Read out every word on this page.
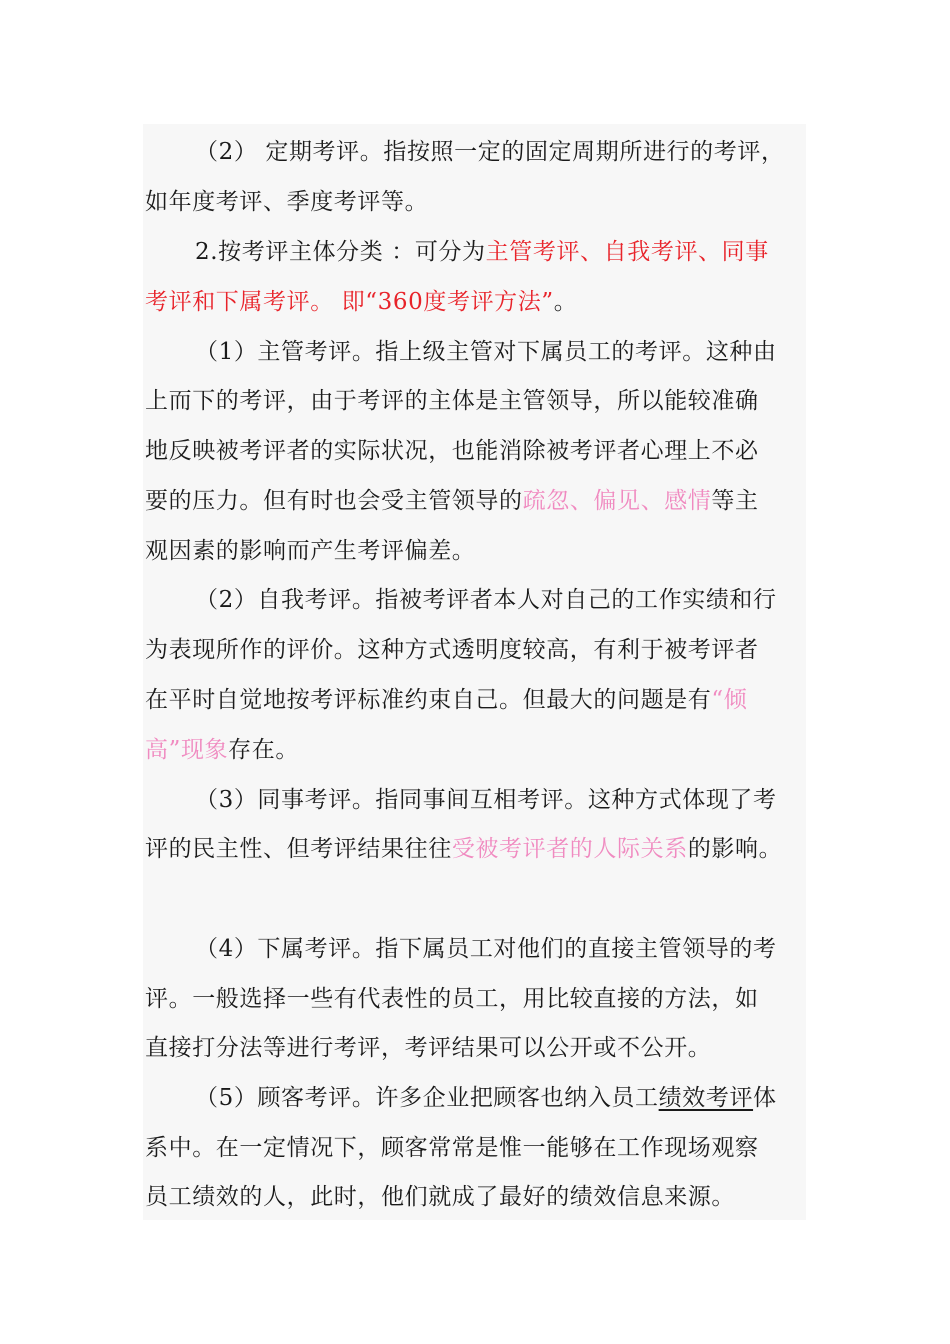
（2） 定期考评。指按照一定的固定周期所进行的考评，
如年度考评、季度考评等。
2.按考评主体分类 ：可分为主管考评、自我考评、同事
考评和下属考评。 即“360度考评方法”。
（1）主管考评。指上级主管对下属员工的考评。这种由
上而下的考评，由于考评的主体是主管领导，所以能较准确
地反映被考评者的实际状况，也能消除被考评者心理上不必
要的压力。但有时也会受主管领导的疏忽、偏见、感情等主
观因素的影响而产生考评偏差。
（2）自我考评。指被考评者本人对自己的工作实绩和行
为表现所作的评价。这种方式透明度较高，有利于被考评者
在平时自觉地按考评标准约束自己。但最大的问题是有“倾
高”现象存在。
（3）同事考评。指同事间互相考评。这种方式体现了考
评的民主性、但考评结果往往受被考评者的人际关系的影响。
（4）下属考评。指下属员工对他们的直接主管领导的考
评。一般选择一些有代表性的员工，用比较直接的方法，如
直接打分法等进行考评，考评结果可以公开或不公开。
（5）顾客考评。许多企业把顾客也纳入员工绩效考评体
系中。在一定情况下，顾客常常是惟一能够在工作现场观察
员工绩效的人，此时，他们就成了最好的绩效信息来源。
